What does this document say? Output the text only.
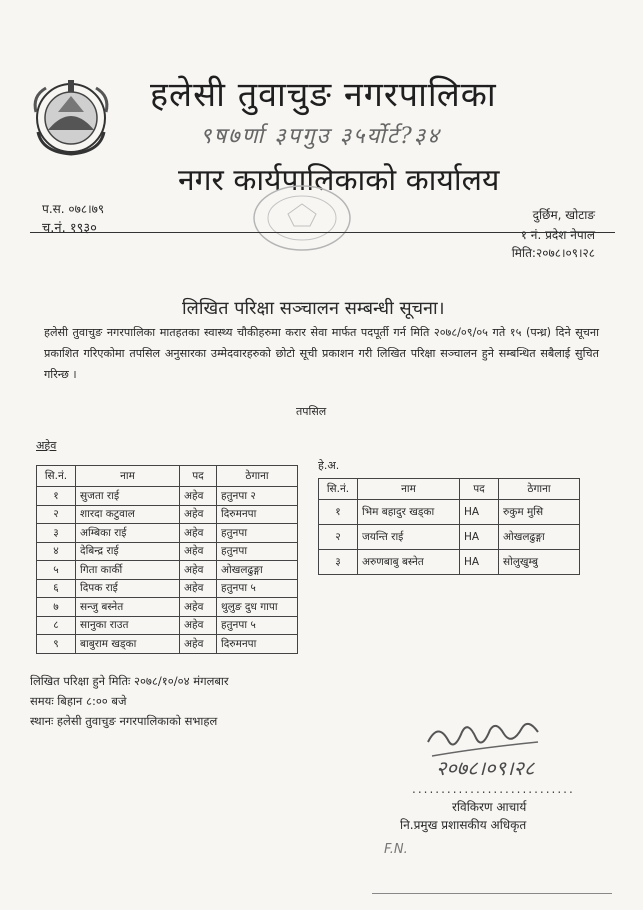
हलेसी तुवाचुङ नगरपालिका
९ष७र्णा ३पगुउ ३५र्योर्ट?३४
नगर कार्यपालिकाको कार्यालय
प.स. ०७८।७९
च.नं. १९३०
दुर्छिम, खोटाङ
१ नं. प्रदेश नेपाल
मिति:२०७८।०९।२८
लिखित परिक्षा सञ्चालन सम्बन्धी सूचना।
हलेसी तुवाचुङ नगरपालिका मातहतका स्वास्थ्य चौकीहरुमा करार सेवा मार्फत पदपूर्ती गर्न मिति २०७८/०९/०५ गते १५ (पन्ध्र) दिने सूचना प्रकाशित गरिएकोमा तपसिल अनुसारका उम्मेदवारहरुको छोटो सूची प्रकाशन गरी लिखित परिक्षा सञ्चालन हुने सम्बन्धित सबैलाई सुचित गरिन्छ ।
तपसिल
अहेव
सि.नं.	नाम	पद	ठेगाना
१	सुजता राई	अहेव	हतुनपा २
२	शारदा कटुवाल	अहेव	दिरुमनपा
३	अम्बिका राई	अहेव	हतुनपा
४	देबिन्द्र राई	अहेव	हतुनपा
५	गिता कार्की	अहेव	ओखलढुङ्गा
६	दिपक राई	अहेव	हतुनपा ५
७	सन्जु बस्नेत	अहेव	थुलुङ दुध गापा
८	सानुका राउत	अहेव	हतुनपा ५
९	बाबुराम खड्का	अहेव	दिरुमनपा
हे.अ.
सि.नं.	नाम	पद	ठेगाना
१	भिम बहादुर खड्का	HA	रुकुम मुसि
२	जयन्ति राई	HA	ओखलढुङ्गा
३	अरुणबाबु बस्नेत	HA	सोलुखुम्बु
लिखित परिक्षा हुने मितिः २०७८/१०/०४ मंगलबार
समयः बिहान ८:०० बजे
स्थानः हलेसी तुवाचुङ नगरपालिकाको सभाहल
२०७८।०९।२८
............................
रविकिरण आचार्य
नि.प्रमुख प्रशासकीय अधिकृत
F.N.
